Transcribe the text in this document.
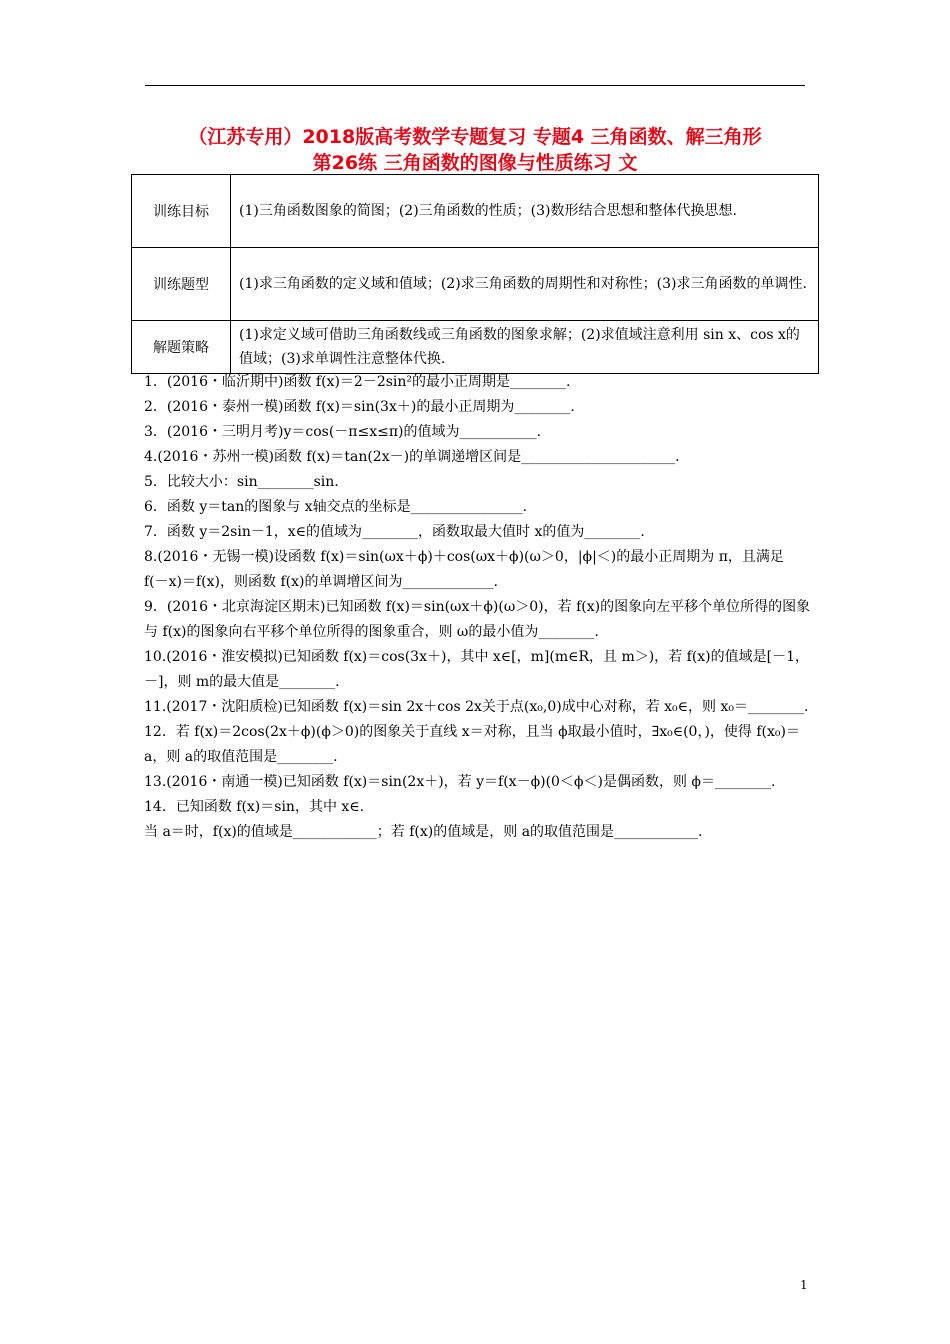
（江苏专用）2018版高考数学专题复习 专题4 三角函数、解三角形
第26练 三角函数的图像与性质练习 文
训练目标	(1)三角函数图象的简图；(2)三角函数的性质；(3)数形结合思想和整体代换思想.
训练题型	(1)求三角函数的定义域和值域；(2)求三角函数的周期性和对称性；(3)求三角函数的单调性.
解题策略	(1)求定义域可借助三角函数线或三角函数的图象求解；(2)求值域注意利用 sin x、cos x的值域；(3)求单调性注意整体代换.

1．(2016・临沂期中)函数 f(x)＝2－2sin²的最小正周期是________.

2．(2016・泰州一模)函数 f(x)＝sin(3x＋)的最小正周期为________.

3．(2016・三明月考)y＝cos(－π≤x≤π)的值域为___________.

4.(2016・苏州一模)函数 f(x)＝tan(2x－)的单调递增区间是______________________.

5．比较大小：sin________sin.

6．函数 y＝tan的图象与 x轴交点的坐标是________________.

7．函数 y＝2sin－1，x∈的值域为________，函数取最大值时 x的值为________.

8.(2016・无锡一模)设函数 f(x)＝sin(ωx＋ϕ)＋cos(ωx＋ϕ)(ω＞0，|ϕ|＜)的最小正周期为 π，且满足 f(－x)＝f(x)，则函数 f(x)的单调增区间为_____________.

9．(2016・北京海淀区期末)已知函数 f(x)＝sin(ωx＋ϕ)(ω＞0)，若 f(x)的图象向左平移个单位所得的图象与 f(x)的图象向右平移个单位所得的图象重合，则 ω的最小值为________.

10.(2016・淮安模拟)已知函数 f(x)＝cos(3x＋)，其中 x∈[，m](m∈R，且 m＞)，若 f(x)的值域是[－1，－]，则 m的最大值是________.

11.(2017・沈阳质检)已知函数 f(x)＝sin 2x＋cos 2x关于点(x₀,0)成中心对称，若 x₀∈，则 x₀＝________.

12．若 f(x)＝2cos(2x＋ϕ)(ϕ＞0)的图象关于直线 x＝对称，且当 ϕ取最小值时，∃x₀∈(0，)，使得 f(x₀)＝a，则 a的取值范围是________.

13.(2016・南通一模)已知函数 f(x)＝sin(2x＋)，若 y＝f(x－ϕ)(0＜ϕ＜)是偶函数，则 ϕ＝________.

14．已知函数 f(x)＝sin，其中 x∈.
当 a＝时，f(x)的值域是____________；若 f(x)的值域是，则 a的取值范围是____________.

1
